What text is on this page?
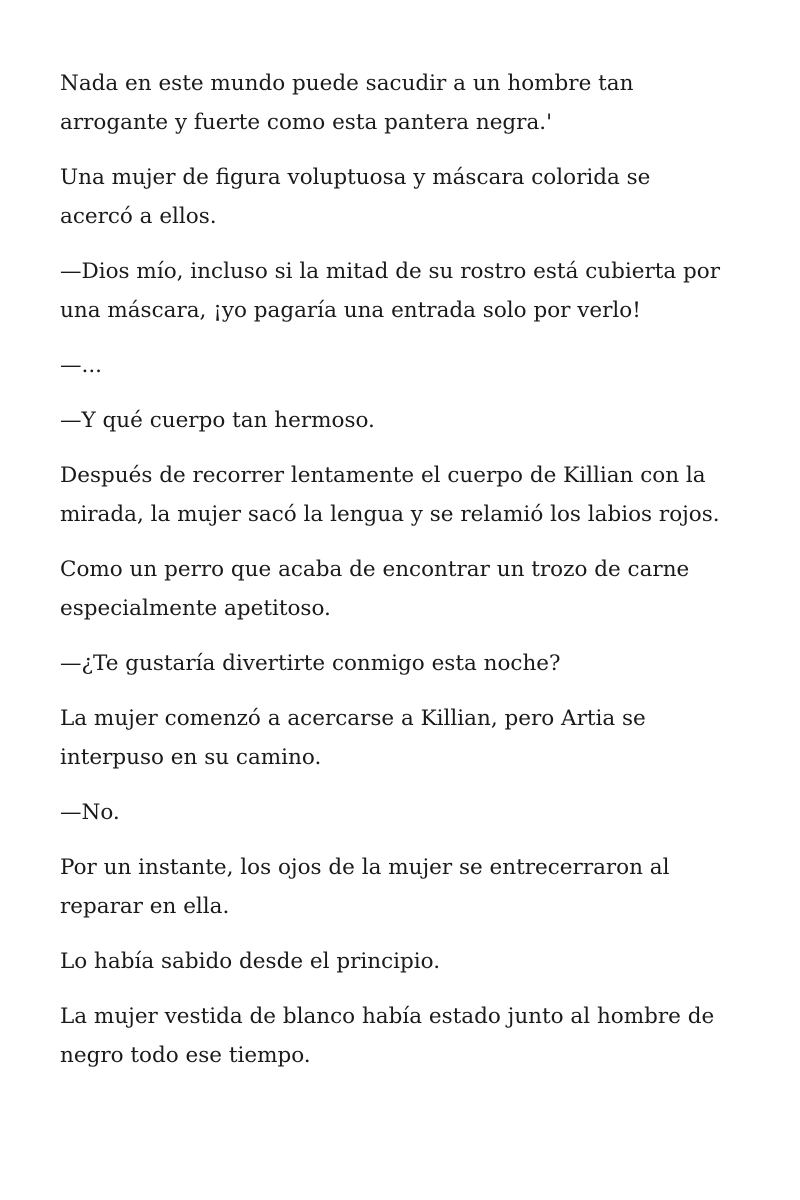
Nada en este mundo puede sacudir a un hombre tan
arrogante y fuerte como esta pantera negra.'

Una mujer de figura voluptuosa y máscara colorida se
acercó a ellos.

—Dios mío, incluso si la mitad de su rostro está cubierta por
una máscara, ¡yo pagaría una entrada solo por verlo!

—...

—Y qué cuerpo tan hermoso.

Después de recorrer lentamente el cuerpo de Killian con la
mirada, la mujer sacó la lengua y se relamió los labios rojos.

Como un perro que acaba de encontrar un trozo de carne
especialmente apetitoso.

—¿Te gustaría divertirte conmigo esta noche?

La mujer comenzó a acercarse a Killian, pero Artia se
interpuso en su camino.

—No.

Por un instante, los ojos de la mujer se entrecerraron al
reparar en ella.

Lo había sabido desde el principio.

La mujer vestida de blanco había estado junto al hombre de
negro todo ese tiempo.
